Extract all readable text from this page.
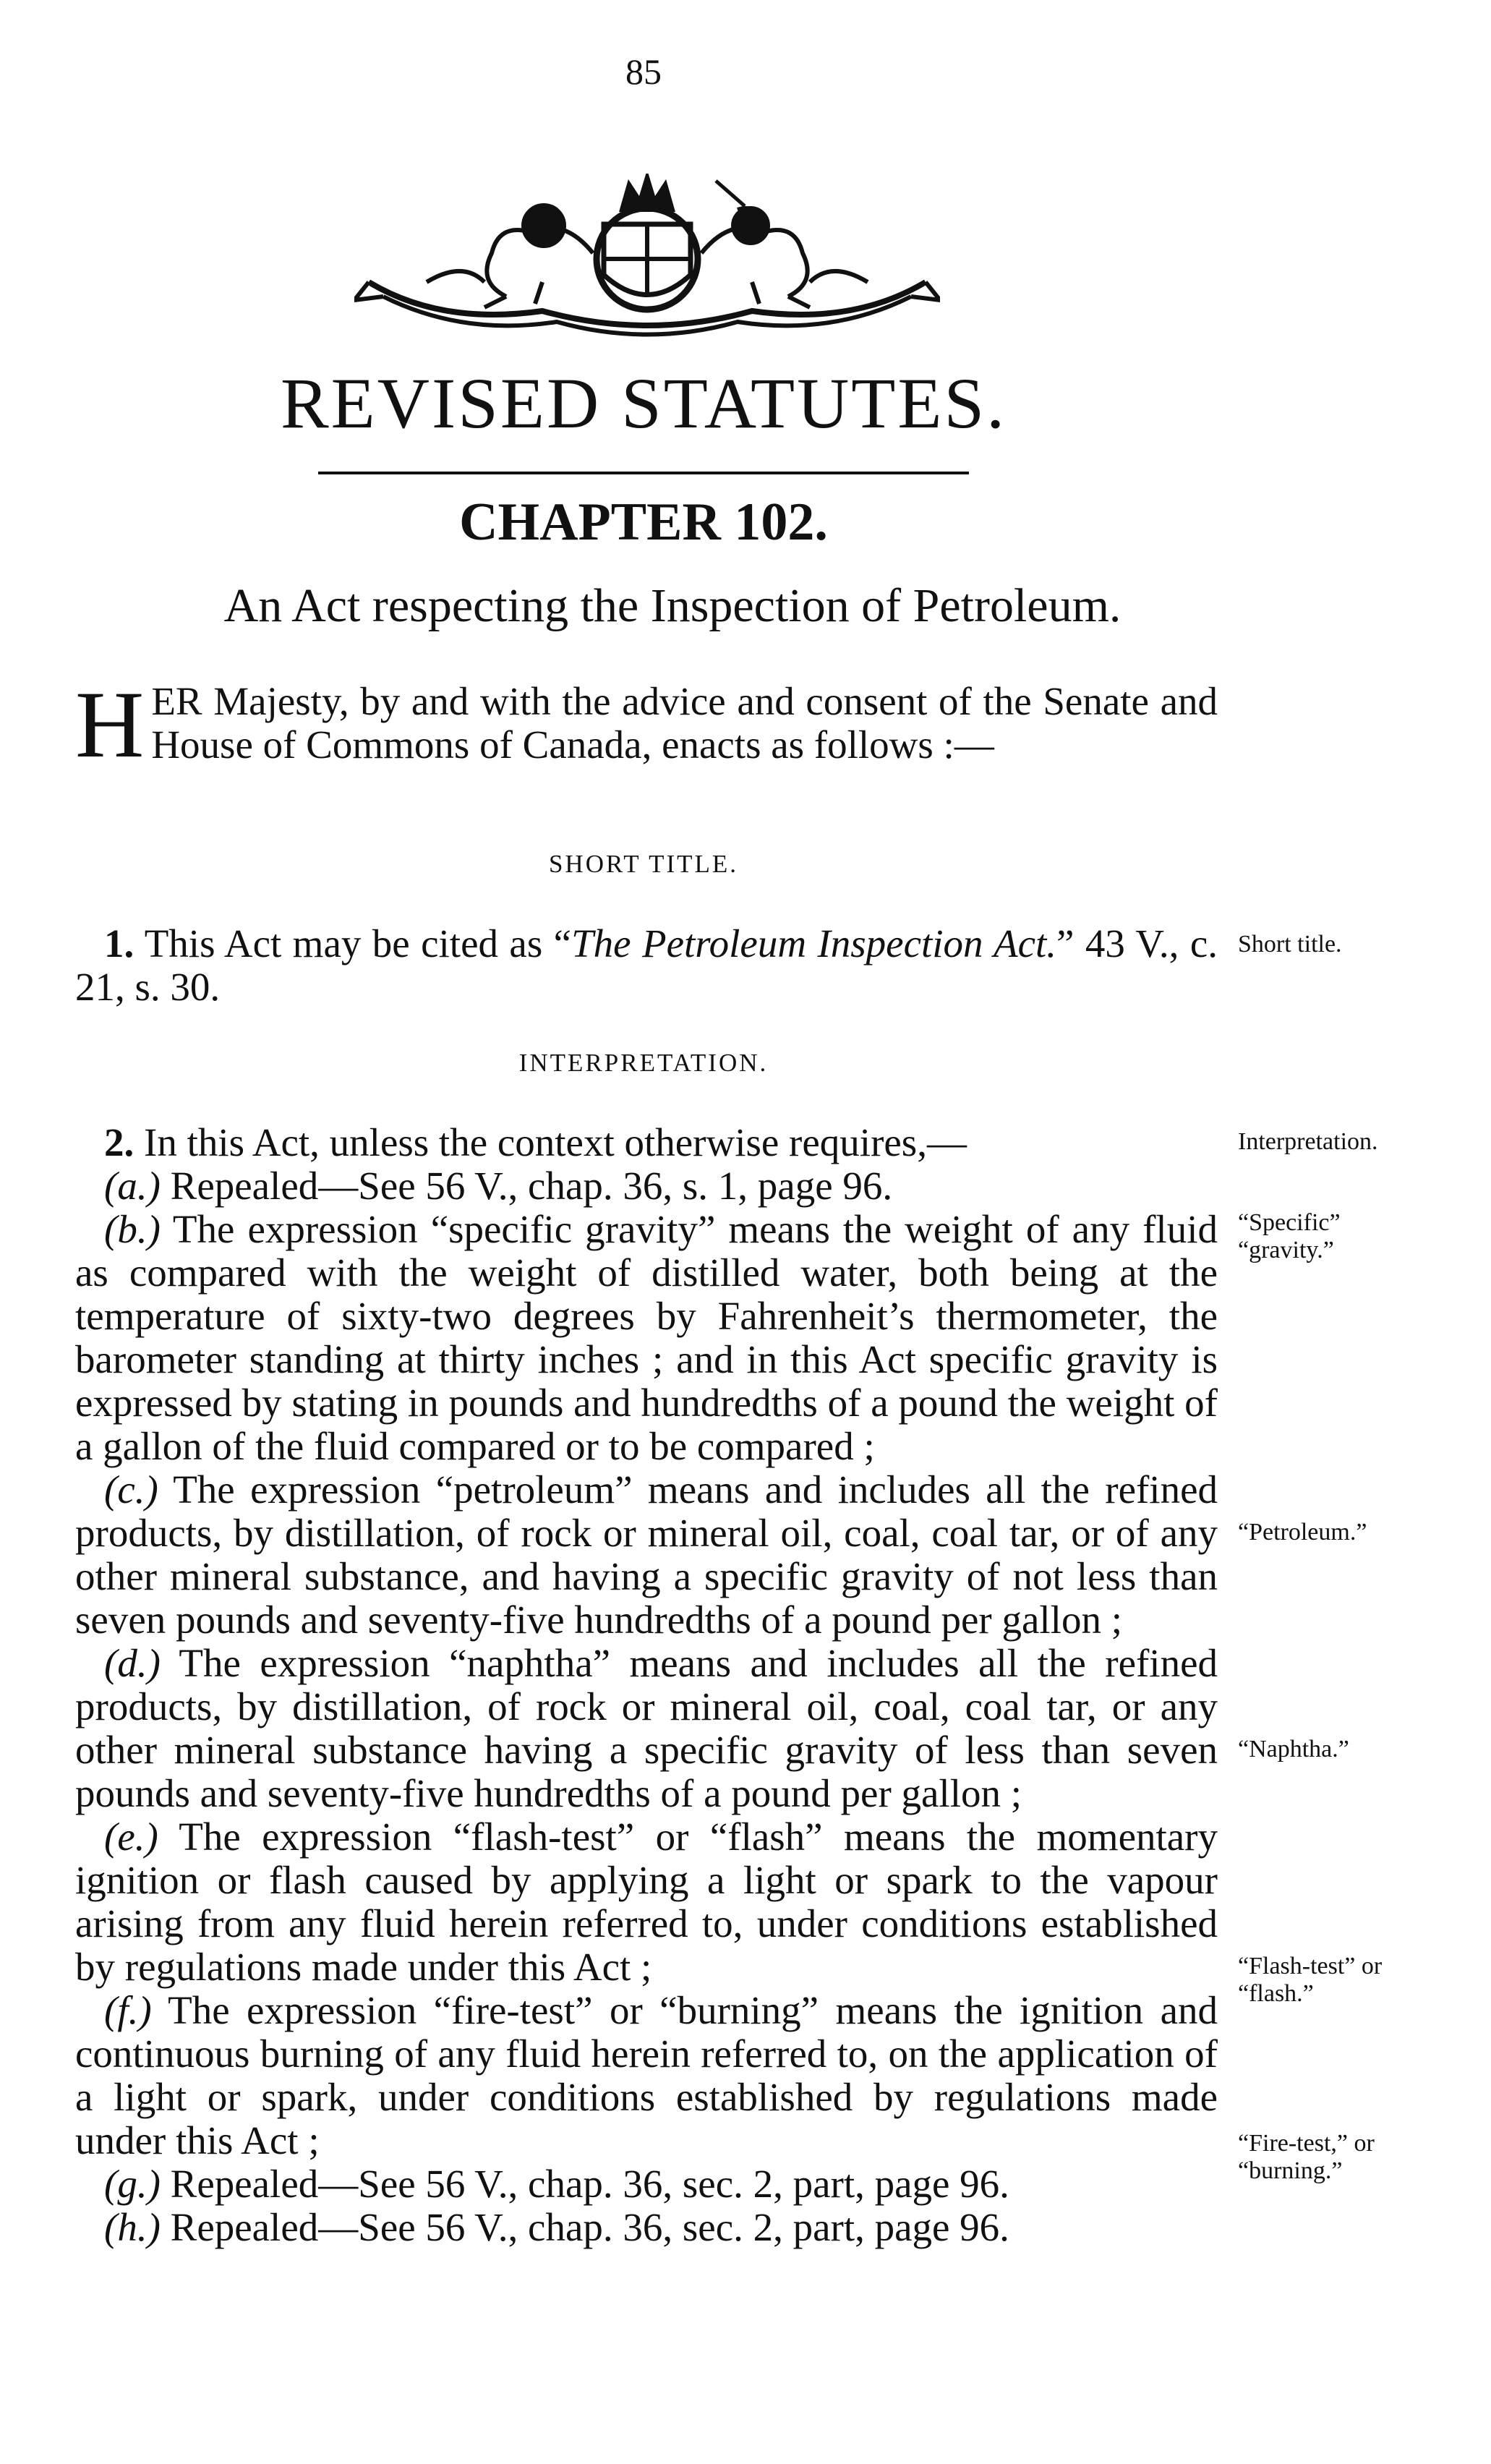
85
REVISED STATUTES.
CHAPTER 102.
An Act respecting the Inspection of Petroleum.
HER Majesty, by and with the advice and consent of the Senate and House of Commons of Canada, enacts as follows :—
SHORT TITLE.

1. This Act may be cited as “The Petroleum Inspection Act.” 43 V., c. 21, s. 30.

Short title.
INTERPRETATION.

2. In this Act, unless the context otherwise requires,—

(a.) Repealed—See 56 V., chap. 36, s. 1, page 96.

(b.) The expression “specific gravity” means the weight of any fluid as compared with the weight of distilled water, both being at the temperature of sixty-two degrees by Fahrenheit’s thermometer, the barometer standing at thirty inches ; and in this Act specific gravity is expressed by stating in pounds and hundredths of a pound the weight of a gallon of the fluid compared or to be compared ;

(c.) The expression “petroleum” means and includes all the refined products, by distillation, of rock or mineral oil, coal, coal tar, or of any other mineral substance, and having a specific gravity of not less than seven pounds and seventy-five hundredths of a pound per gallon ;

(d.) The expression “naphtha” means and includes all the refined products, by distillation, of rock or mineral oil, coal, coal tar, or any other mineral substance having a specific gravity of less than seven pounds and seventy-five hundredths of a pound per gallon ;

(e.) The expression “flash-test” or “flash” means the momentary ignition or flash caused by applying a light or spark to the vapour arising from any fluid herein referred to, under conditions established by regulations made under this Act ;

(f.) The expression “fire-test” or “burning” means the ignition and continuous burning of any fluid herein referred to, on the application of a light or spark, under conditions established by regulations made under this Act ;

(g.) Repealed—See 56 V., chap. 36, sec. 2, part, page 96.

(h.) Repealed—See 56 V., chap. 36, sec. 2, part, page 96.

Interpretation.
“Specific” “gravity.”
“Petroleum.”
“Naphtha.”
“Flash-test” or “flash.”
“Fire-test,” or “burning.”
